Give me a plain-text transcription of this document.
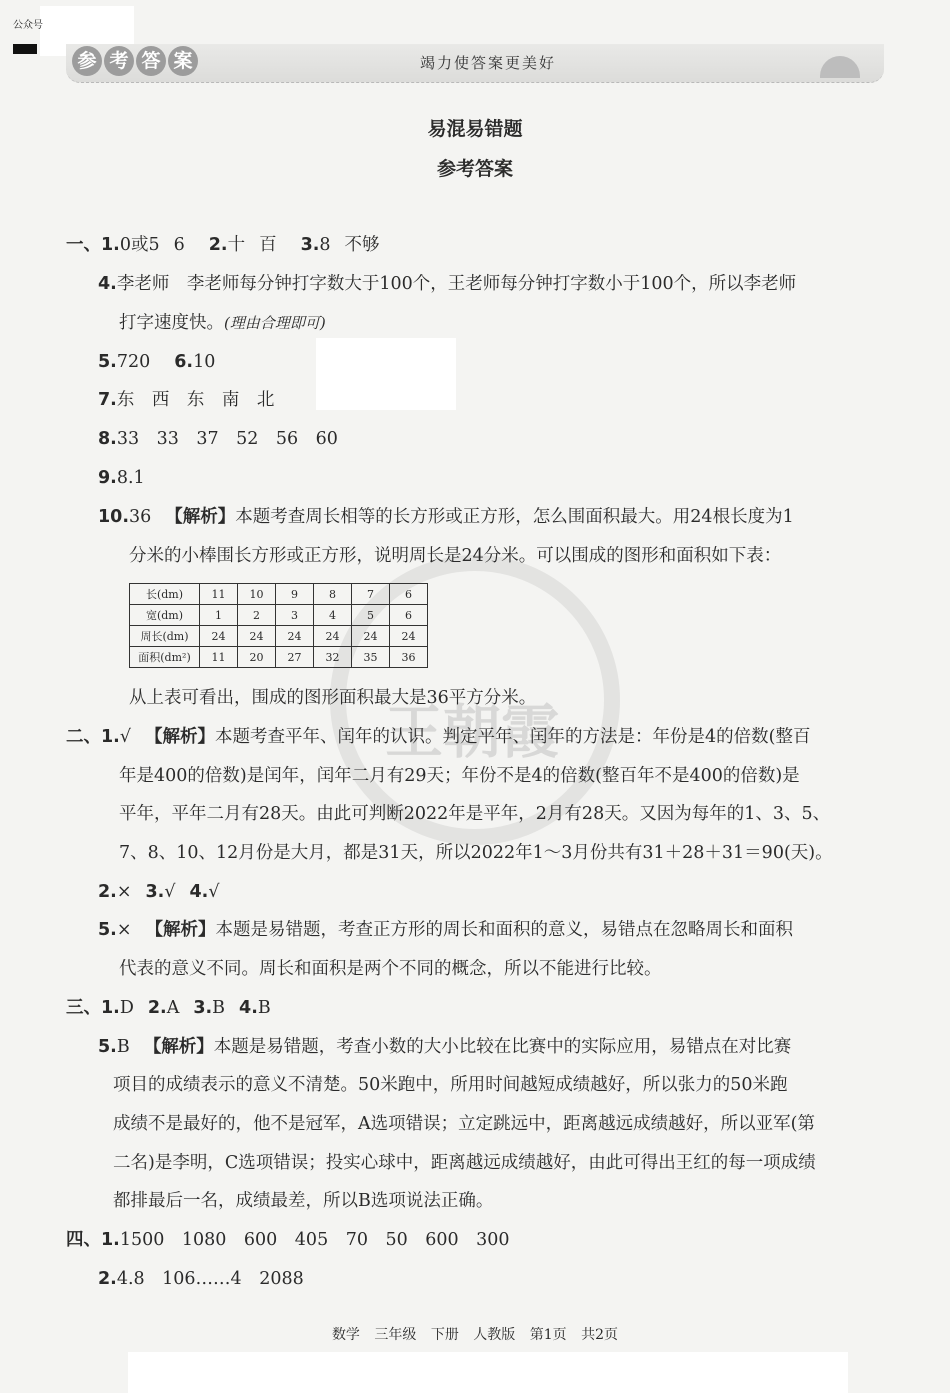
公众号
参 考 答 案	竭力使答案更美好
王朝霞
易混易错题
参考答案
一、1.0或5 6 2.十 百 3.8 不够
4.李老师　李老师每分钟打字数大于100个，王老师每分钟打字数小于100个，所以李老师
打字速度快。(理由合理即可)
5.720 6.10
7.东　西　东　南　北
8.33　33　37　52　56　60
9.8.1
10.36 【解析】本题考查周长相等的长方形或正方形，怎么围面积最大。用24根长度为1
分米的小棒围长方形或正方形，说明周长是24分米。可以围成的图形和面积如下表：
长(dm)	11	10	9	8	7	6
宽(dm)	1	2	3	4	5	6
周长(dm)	24	24	24	24	24	24
面积(dm²)	11	20	27	32	35	36
从上表可看出，围成的图形面积最大是36平方分米。
二、1.√ 【解析】本题考查平年、闰年的认识。判定平年、闰年的方法是：年份是4的倍数(整百
年是400的倍数)是闰年，闰年二月有29天；年份不是4的倍数(整百年不是400的倍数)是
平年，平年二月有28天。由此可判断2022年是平年，2月有28天。又因为每年的1、3、5、
7、8、10、12月份是大月，都是31天，所以2022年1～3月份共有31＋28＋31＝90(天)。
2.× 3.√ 4.√
5.× 【解析】本题是易错题，考查正方形的周长和面积的意义，易错点在忽略周长和面积
代表的意义不同。周长和面积是两个不同的概念，所以不能进行比较。
三、1.D 2.A 3.B 4.B
5.B 【解析】本题是易错题，考查小数的大小比较在比赛中的实际应用，易错点在对比赛
项目的成绩表示的意义不清楚。50米跑中，所用时间越短成绩越好，所以张力的50米跑
成绩不是最好的，他不是冠军，A选项错误；立定跳远中，距离越远成绩越好，所以亚军(第
二名)是李明，C选项错误；投实心球中，距离越远成绩越好，由此可得出王红的每一项成绩
都排最后一名，成绩最差，所以B选项说法正确。
四、1.1500　1080　600　405　70　50　600　300
2.4.8　106……4　2088
数学 三年级 下册 人教版 第1页 共2页
